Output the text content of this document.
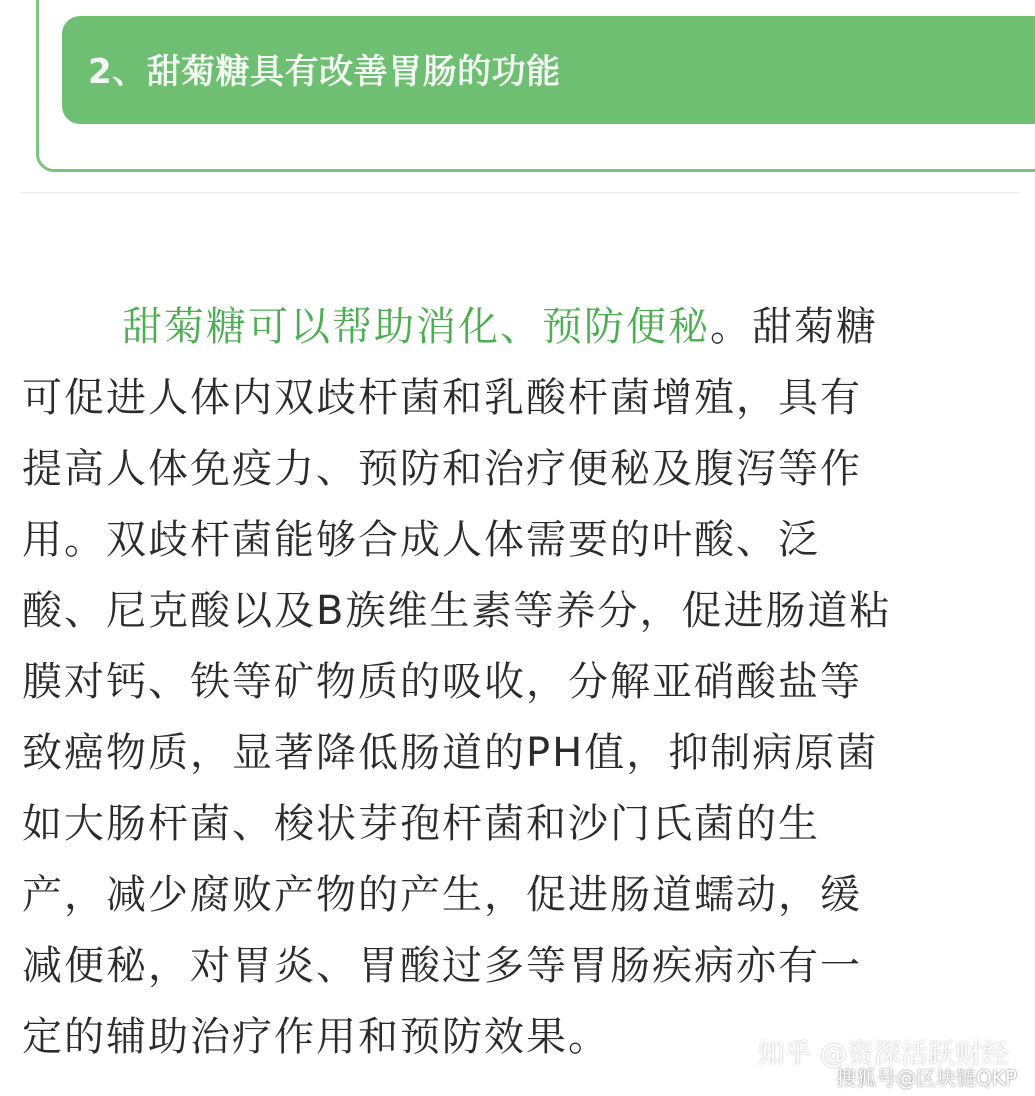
2、甜菊糖具有改善胃肠的功能

甜菊糖可以帮助消化、预防便秘。甜菊糖
可促进人体内双歧杆菌和乳酸杆菌增殖，具有
提高人体免疫力、预防和治疗便秘及腹泻等作
用。双歧杆菌能够合成人体需要的叶酸、泛
酸、尼克酸以及B族维生素等养分，促进肠道粘
膜对钙、铁等矿物质的吸收，分解亚硝酸盐等
致癌物质，显著降低肠道的PH值，抑制病原菌
如大肠杆菌、梭状芽孢杆菌和沙门氏菌的生
产，减少腐败产物的产生，促进肠道蠕动，缓
减便秘，对胃炎、胃酸过多等胃肠疾病亦有一
定的辅助治疗作用和预防效果。	知乎 @资深活跃财经
搜狐号@区块链QKP
